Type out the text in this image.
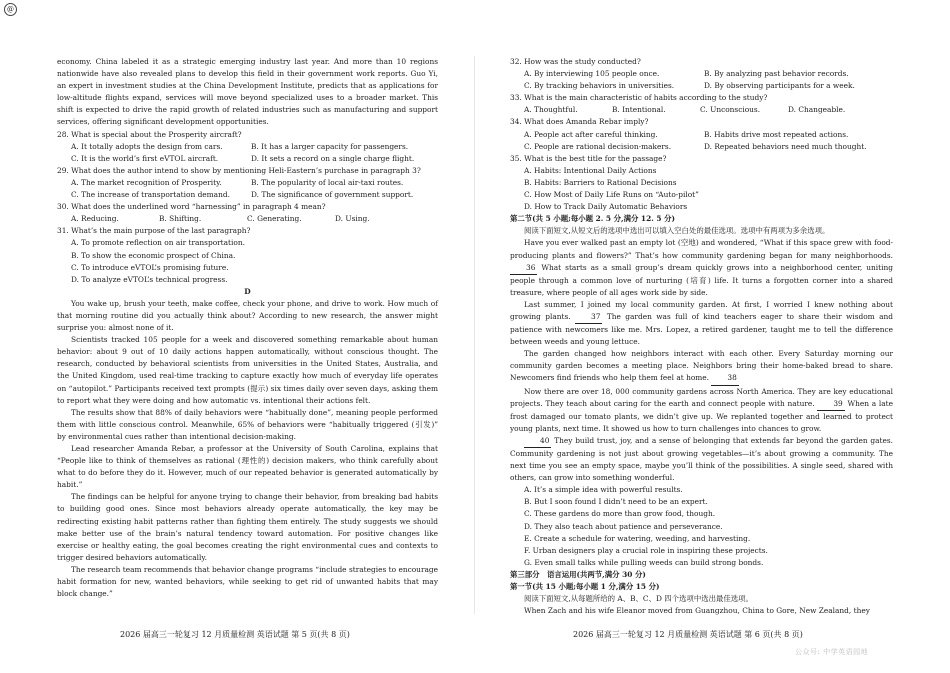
@

economy. China labeled it as a strategic emerging industry last year. And more than 10 regions nationwide have also revealed plans to develop this field in their government work reports. Guo Yi, an expert in investment studies at the China Development Institute, predicts that as applications for low-altitude flights expand, services will move beyond specialized uses to a broader market. This shift is expected to drive the rapid growth of related industries such as manufacturing and support services, offering significant development opportunities.

28. What is special about the Prosperity aircraft?
A. It totally adopts the design from cars.	B. It has a larger capacity for passengers.
C. It is the world’s first eVTOL aircraft.	D. It sets a record on a single charge flight.
29. What does the author intend to show by mentioning Heli-Eastern’s purchase in paragraph 3?
A. The market recognition of Prosperity.	B. The popularity of local air-taxi routes.
C. The increase of transportation demand.	D. The significance of government support.
30. What does the underlined word “harnessing” in paragraph 4 mean?
A. Reducing.	B. Shifting.	C. Generating.	D. Using.
31. What’s the main purpose of the last paragraph?
A. To promote reflection on air transportation.
B. To show the economic prospect of China.
C. To introduce eVTOL’s promising future.
D. To analyze eVTOL’s technical progress.
D

You wake up, brush your teeth, make coffee, check your phone, and drive to work. How much of that morning routine did you actually think about? According to new research, the answer might surprise you: almost none of it.

Scientists tracked 105 people for a week and discovered something remarkable about human behavior: about 9 out of 10 daily actions happen automatically, without conscious thought. The research, conducted by behavioral scientists from universities in the United States, Australia, and the United Kingdom, used real-time tracking to capture exactly how much of everyday life operates on “autopilot.” Participants received text prompts (提示) six times daily over seven days, asking them to report what they were doing and how automatic vs. intentional their actions felt.

The results show that 88% of daily behaviors were “habitually done”, meaning people performed them with little conscious control. Meanwhile, 65% of behaviors were “habitually triggered (引发)” by environmental cues rather than intentional decision-making.

Lead researcher Amanda Rebar, a professor at the University of South Carolina, explains that “People like to think of themselves as rational (理性的) decision makers, who think carefully about what to do before they do it. However, much of our repeated behavior is generated automatically by habit.”

The findings can be helpful for anyone trying to change their behavior, from breaking bad habits to building good ones. Since most behaviors already operate automatically, the key may be redirecting existing habit patterns rather than fighting them entirely. The study suggests we should make better use of the brain’s natural tendency toward automation. For positive changes like exercise or healthy eating, the goal becomes creating the right environmental cues and contexts to trigger desired behaviors automatically.

The research team recommends that behavior change programs “include strategies to encourage habit formation for new, wanted behaviors, while seeking to get rid of unwanted habits that may block change.”

32. How was the study conducted?
A. By interviewing 105 people once.	B. By analyzing past behavior records.
C. By tracking behaviors in universities.	D. By observing participants for a week.
33. What is the main characteristic of habits according to the study?
A. Thoughtful.	B. Intentional.	C. Unconscious.	D. Changeable.
34. What does Amanda Rebar imply?
A. People act after careful thinking.	B. Habits drive most repeated actions.
C. People are rational decision-makers.	D. Repeated behaviors need much thought.
35. What is the best title for the passage?
A. Habits: Intentional Daily Actions
B. Habits: Barriers to Rational Decisions
C. How Most of Daily Life Runs on “Auto-pilot”
D. How to Track Daily Automatic Behaviors
第二节(共 5 小题;每小题 2. 5 分,满分 12. 5 分)

阅读下面短文,从短文后的选项中选出可以填入空白处的最佳选项。选项中有两项为多余选项。

Have you ever walked past an empty lot (空地) and wondered, “What if this space grew with food-producing plants and flowers?” That’s how community gardening began for many neighborhoods. 36 What starts as a small group’s dream quickly grows into a neighborhood center, uniting people through a common love of nurturing (培育) life. It turns a forgotten corner into a shared treasure, where people of all ages work side by side.

Last summer, I joined my local community garden. At first, I worried I knew nothing about growing plants.	37 The garden was full of kind teachers eager to share their wisdom and patience with newcomers like me. Mrs. Lopez, a retired gardener, taught me to tell the difference between weeds and young lettuce.

The garden changed how neighbors interact with each other. Every Saturday morning our community garden becomes a meeting place. Neighbors bring their home-baked bread to share. Newcomers find friends who help them feel at home. 38

Now there are over 18, 000 community gardens across North America. They are key educational projects. They teach about caring for the earth and connect people with nature.	39 When a late frost damaged our tomato plants, we didn’t give up. We replanted together and learned to protect young plants, next time. It showed us how to turn challenges into chances to grow.

40 They build trust, joy, and a sense of belonging that extends far beyond the garden gates. Community gardening is not just about growing vegetables—it’s about growing a community. The next time you see an empty space, maybe you’ll think of the possibilities. A single seed, shared with others, can grow into something wonderful.

A. It’s a simple idea with powerful results.
B. But I soon found I didn’t need to be an expert.
C. These gardens do more than grow food, though.
D. They also teach about patience and perseverance.
E. Create a schedule for watering, weeding, and harvesting.
F. Urban designers play a crucial role in inspiring these projects.
G. Even small talks while pulling weeds can build strong bonds.
第三部分　语言运用(共两节,满分 30 分)
第一节(共 15 小题;每小题 1 分,满分 15 分)

阅读下面短文,从每题所给的 A、B、C、D 四个选项中选出最佳选项。

When Zach and his wife Eleanor moved from Guangzhou, China to Gore, New Zealand, they

2026 届高三一轮复习 12 月质量检测 英语试题 第 5 页(共 8 页)	2026 届高三一轮复习 12 月质量检测 英语试题 第 6 页(共 8 页)
公众号: 中学英语园地
